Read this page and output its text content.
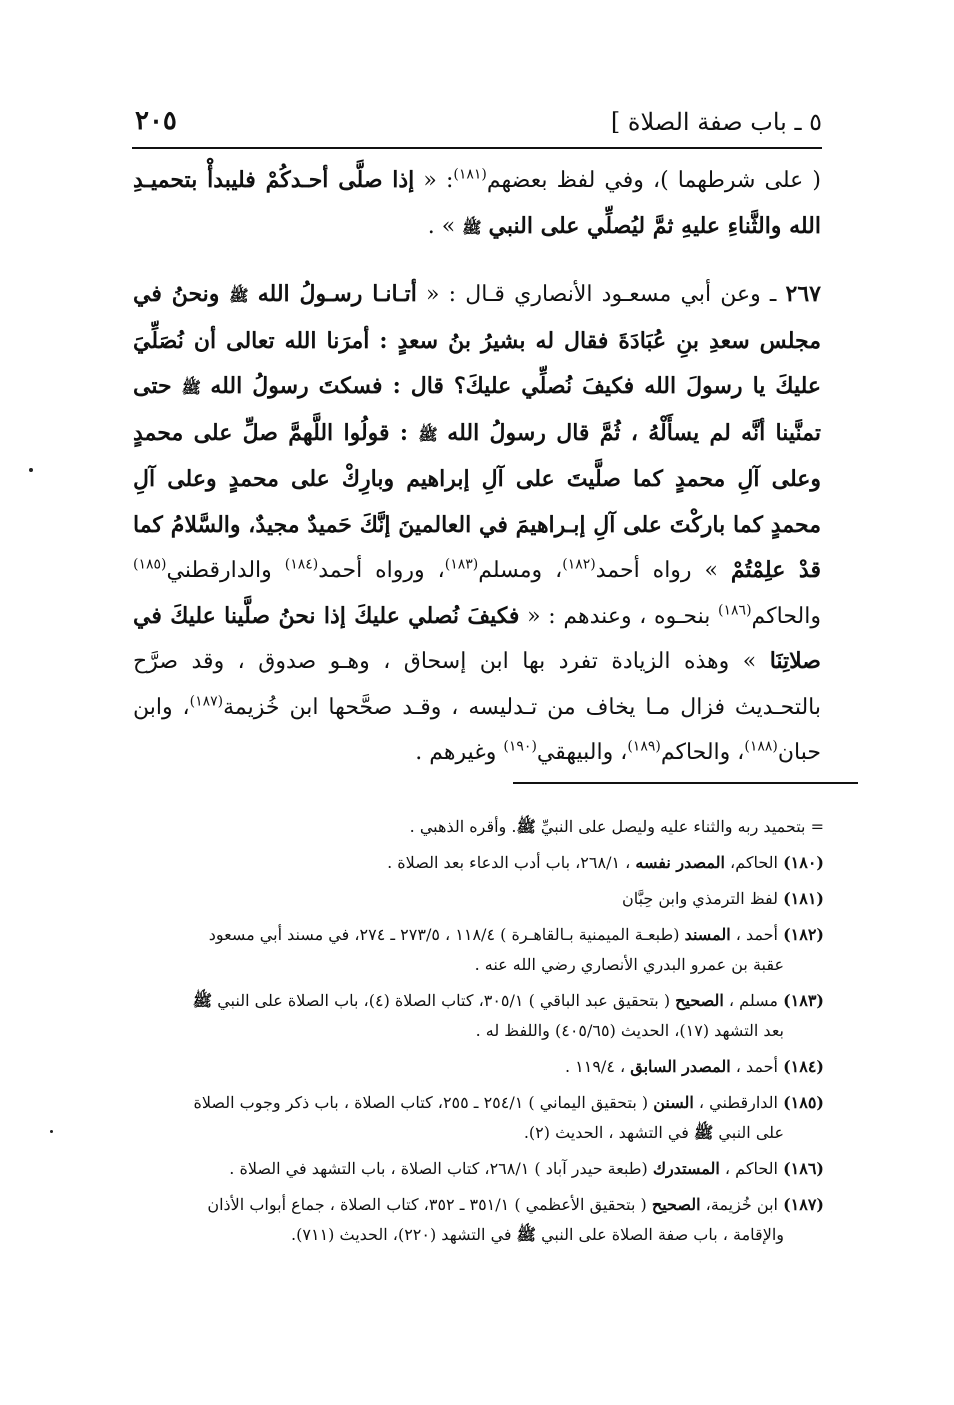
٥ ـ باب صفة الصلاة ]
٢٠٥

( على شرطهما )، وفي لفظ بعضهم$^{(١٨١)}$: « إذا صلَّى أحـدكُمْ فليبدأْ بتحميـدِ الله والثَّناءِ عليهِ ثمَّ ليُصلِّي على النبي ﷺ » .

٢٦٧ ـ وعن أبي مسعـود الأنصاري قـال : « أتـانـا رسـولُ الله ﷺ ونحنُ في مجلس سعدِ بنِ عُبَادَةَ فقال له بشيرُ بنُ سعدٍ : أمرَنا الله تعالى أن نُصَلِّيَ عليكَ يا رسولَ الله فكيفَ نُصلِّي عليكَ؟ قال : فسكتَ رسولُ الله ﷺ حتى تمنَّينا أنَّه لم يسأَلْهُ ، ثُمَّ قال رسولُ الله ﷺ : قولُوا اللَّهمَّ صلِّ على محمدٍ وعلى آلِ محمدٍ كما صلَّيتَ على آلِ إبراهيم وبارِكْ على محمدٍ وعلى آلِ محمدٍ كما باركْتَ على آلِ إبـراهيمَ في العالمينَ إنَّكَ حَميدٌ مجيدٌ، والسَّلامُ كما قدْ علِمْتُمْ » رواه أحمد$^{(١٨٢)}$، ومسلم$^{(١٨٣)}$، ورواه أحمد$^{(١٨٤)}$ والدارقطني$^{(١٨٥)}$ والحاكم$^{(١٨٦)}$ بنحـوه ، وعندهم : « فكيفَ نُصلي عليكَ إذا نحنُ صلَّينا عليكَ في صلاتِنَا » وهذه الزيادة تفرد بها ابن إسحاق ، وهـو صدوق ، وقد صرَّح بالتحـديث فزال مـا يخاف من تـدليسه ، وقـد صحَّحها ابن خُزيمة$^{(١٨٧)}$، وابن حبان$^{(١٨٨)}$، والحاكم$^{(١٨٩)}$، والبيهقي$^{(١٩٠)}$ وغيرهم .

= بتحميد ربه والثناء عليه وليصل على النبيِّ ﷺ. وأقره الذهبي .

(١٨٠) الحاكم، المصدر نفسه ، ٢٦٨/١، باب أدب الدعاء بعد الصلاة .

(١٨١) لفظ الترمذي وابن حِبَّان

(١٨٢) أحمد ، المسند (طبعـة الميمنية بـالقاهـرة ) ١١٨/٤ ، ٢٧٣/٥ ـ ٢٧٤، في مسند أبي مسعود
عقبة بن عمرو البدري الأنصاري رضي الله عنه .

(١٨٣) مسلم ، الصحيح ( بتحقيق عبد الباقي ) ٣٠٥/١، كتاب الصلاة (٤)، باب الصلاة على النبي ﷺ
بعد التشهد (١٧)، الحديث (٤٠٥/٦٥) واللفظ له .

(١٨٤) أحمد ، المصدر السابق ، ١١٩/٤ .

(١٨٥) الدارقطني ، السنن ( بتحقيق اليماني ) ٢٥٤/١ ـ ٢٥٥، كتاب الصلاة ، باب ذكر وجوب الصلاة
على النبي ﷺ في التشهد ، الحديث (٢).

(١٨٦) الحاكم ، المستدرك (طبعة حيدر آباد ) ٢٦٨/١، كتاب الصلاة ، باب التشهد في الصلاة .

(١٨٧) ابن خُزيمة، الصحيح ( بتحقيق الأعظمي ) ٣٥١/١ ـ ٣٥٢، كتاب الصلاة ، جماع أبواب الأذان
والإقامة ، باب صفة الصلاة على النبي ﷺ في التشهد (٢٢٠)، الحديث (٧١١).
